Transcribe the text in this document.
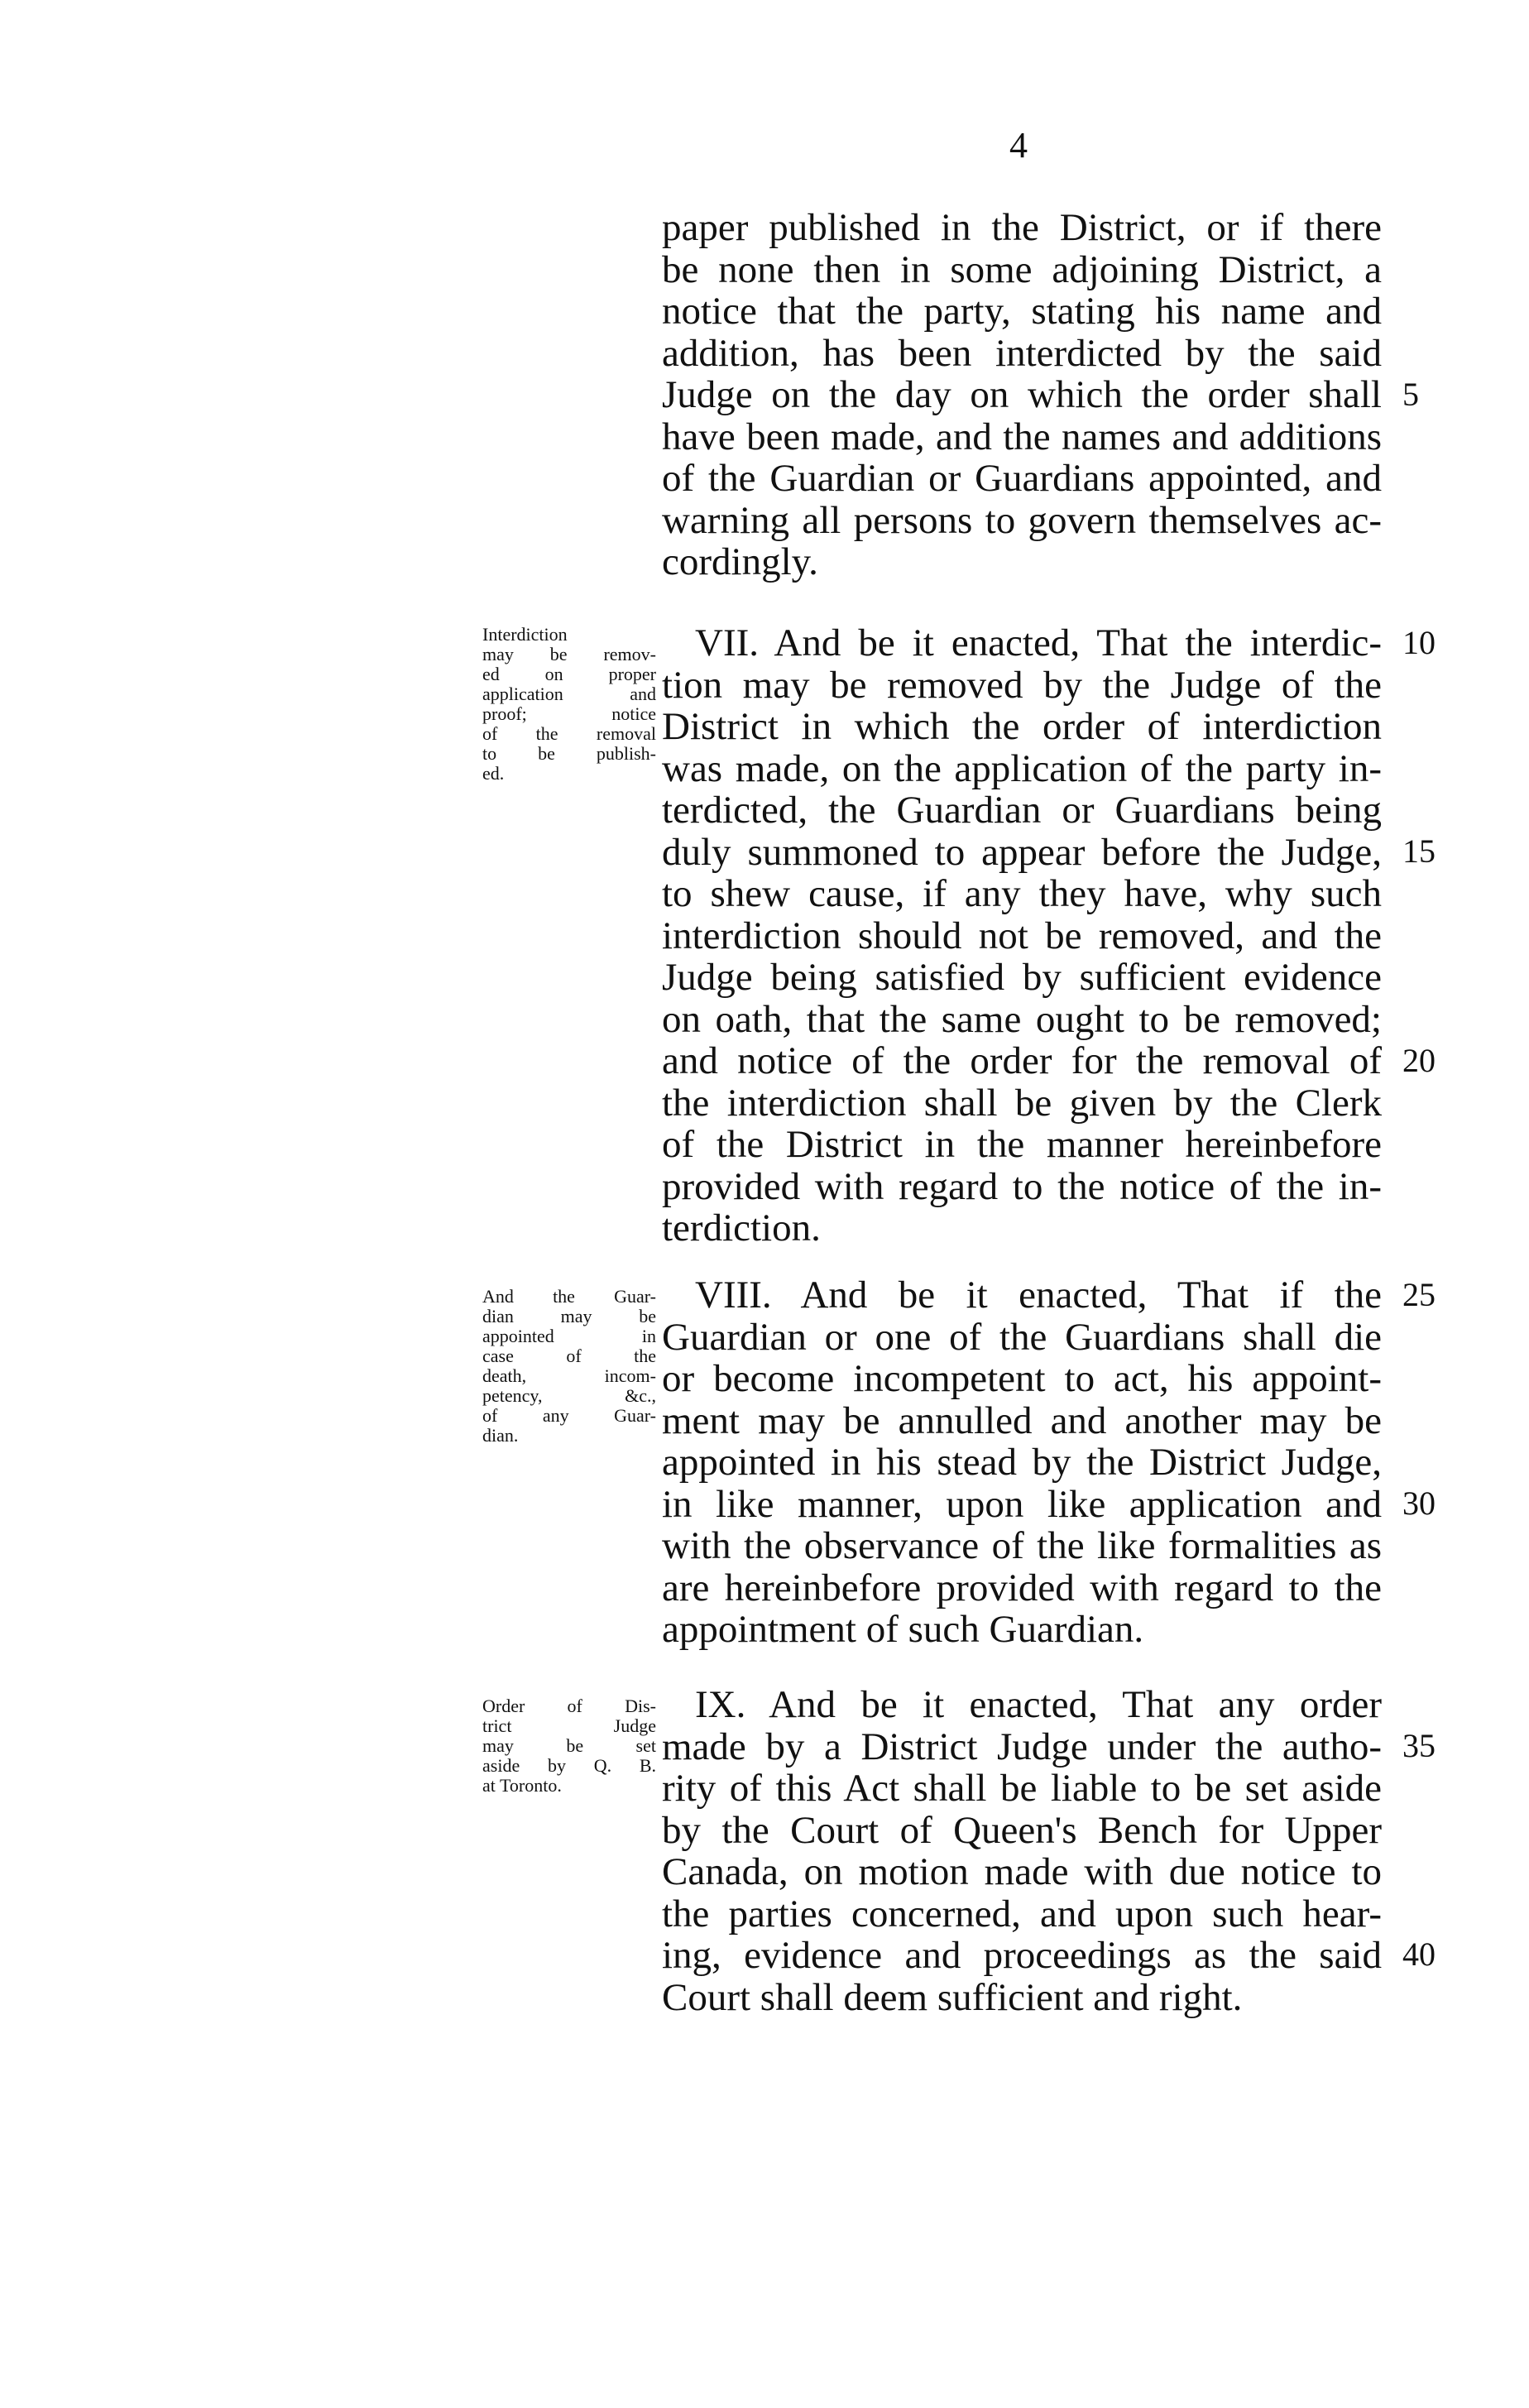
4
paper published in the District, or if there
be none then in some adjoining District, a
notice that the party, stating his name and
addition, has been interdicted by the said
Judge on the day on which the order shall
have been made, and the names and additions
of the Guardian or Guardians appointed, and
warning all persons to govern themselves ac-
cordingly.
Interdiction
may be remov-
ed on proper
application and
proof; notice
of the removal
to be publish-
ed.
VII. And be it enacted, That the interdic-
tion may be removed by the Judge of the
District in which the order of interdiction
was made, on the application of the party in-
terdicted, the Guardian or Guardians being
duly summoned to appear before the Judge,
to shew cause, if any they have, why such
interdiction should not be removed, and the
Judge being satisfied by sufficient evidence
on oath, that the same ought to be removed;
and notice of the order for the removal of
the interdiction shall be given by the Clerk
of the District in the manner hereinbefore
provided with regard to the notice of the in-
terdiction.
And the Guar-
dian may be
appointed in
case of the
death, incom-
petency, &c.,
of any Guar-
dian.
VIII. And be it enacted, That if the
Guardian or one of the Guardians shall die
or become incompetent to act, his appoint-
ment may be annulled and another may be
appointed in his stead by the District Judge,
in like manner, upon like application and
with the observance of the like formalities as
are hereinbefore provided with regard to the
appointment of such Guardian.
Order of Dis-
trict Judge
may be set
aside by Q. B.
at Toronto.
IX. And be it enacted, That any order
made by a District Judge under the autho-
rity of this Act shall be liable to be set aside
by the Court of Queen's Bench for Upper
Canada, on motion made with due notice to
the parties concerned, and upon such hear-
ing, evidence and proceedings as the said
Court shall deem sufficient and right.
5
10
15
20
25
30
35
40
